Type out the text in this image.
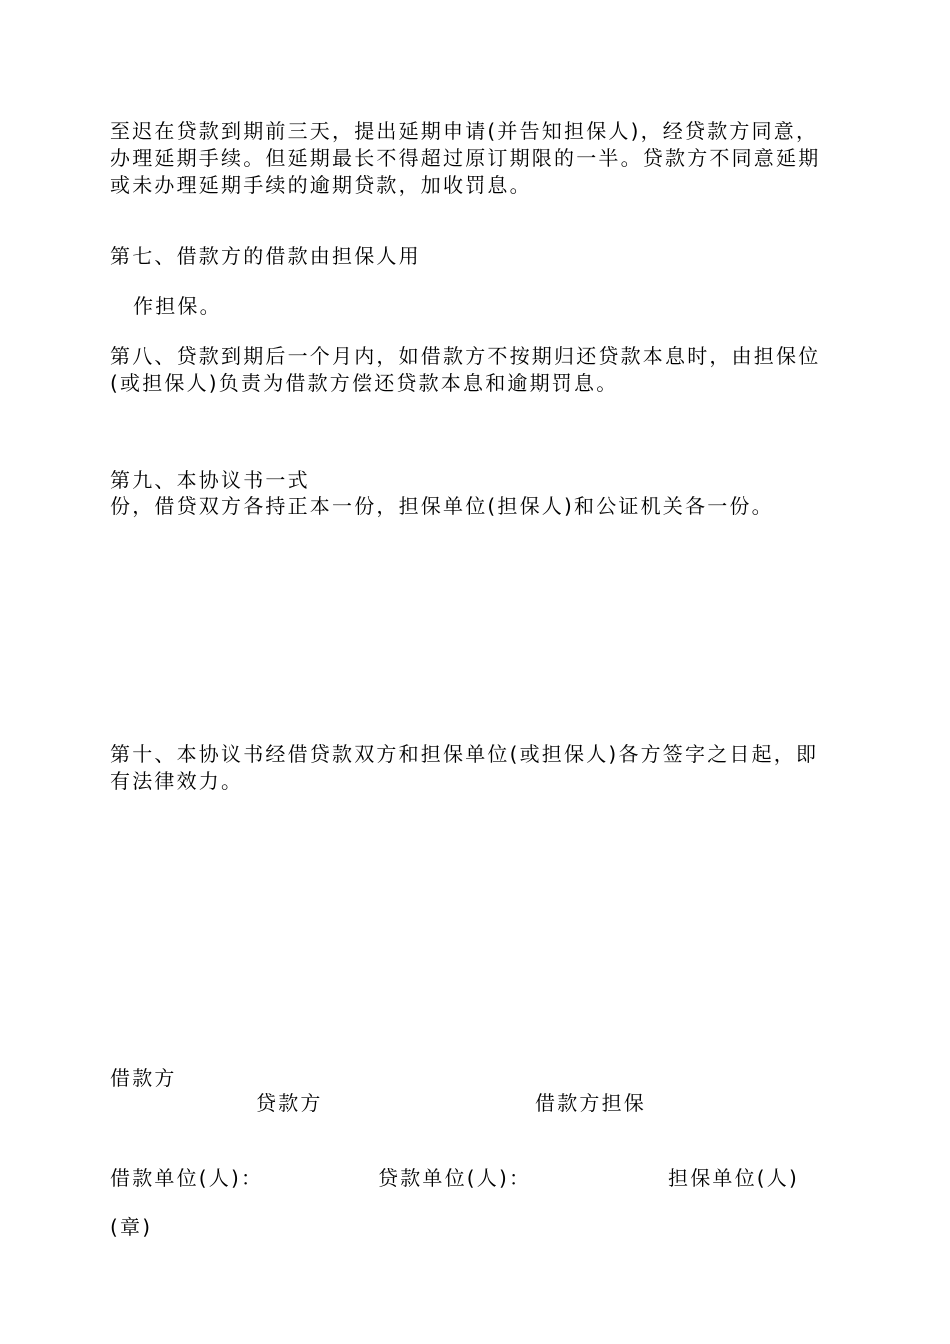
至迟在贷款到期前三天，提出延期申请(并告知担保人)，经贷款方同意，
办理延期手续。但延期最长不得超过原订期限的一半。贷款方不同意延期
或未办理延期手续的逾期贷款，加收罚息。
第七、借款方的借款由担保人用
作担保。
第八、贷款到期后一个月内，如借款方不按期归还贷款本息时，由担保位
(或担保人)负责为借款方偿还贷款本息和逾期罚息。
第九、本协议书一式
份，借贷双方各持正本一份，担保单位(担保人)和公证机关各一份。
第十、本协议书经借贷款双方和担保单位(或担保人)各方签字之日起，即
有法律效力。
借款方
贷款方	借款方担保
借款单位(人)：	贷款单位(人)：	担保单位(人)
(章)
